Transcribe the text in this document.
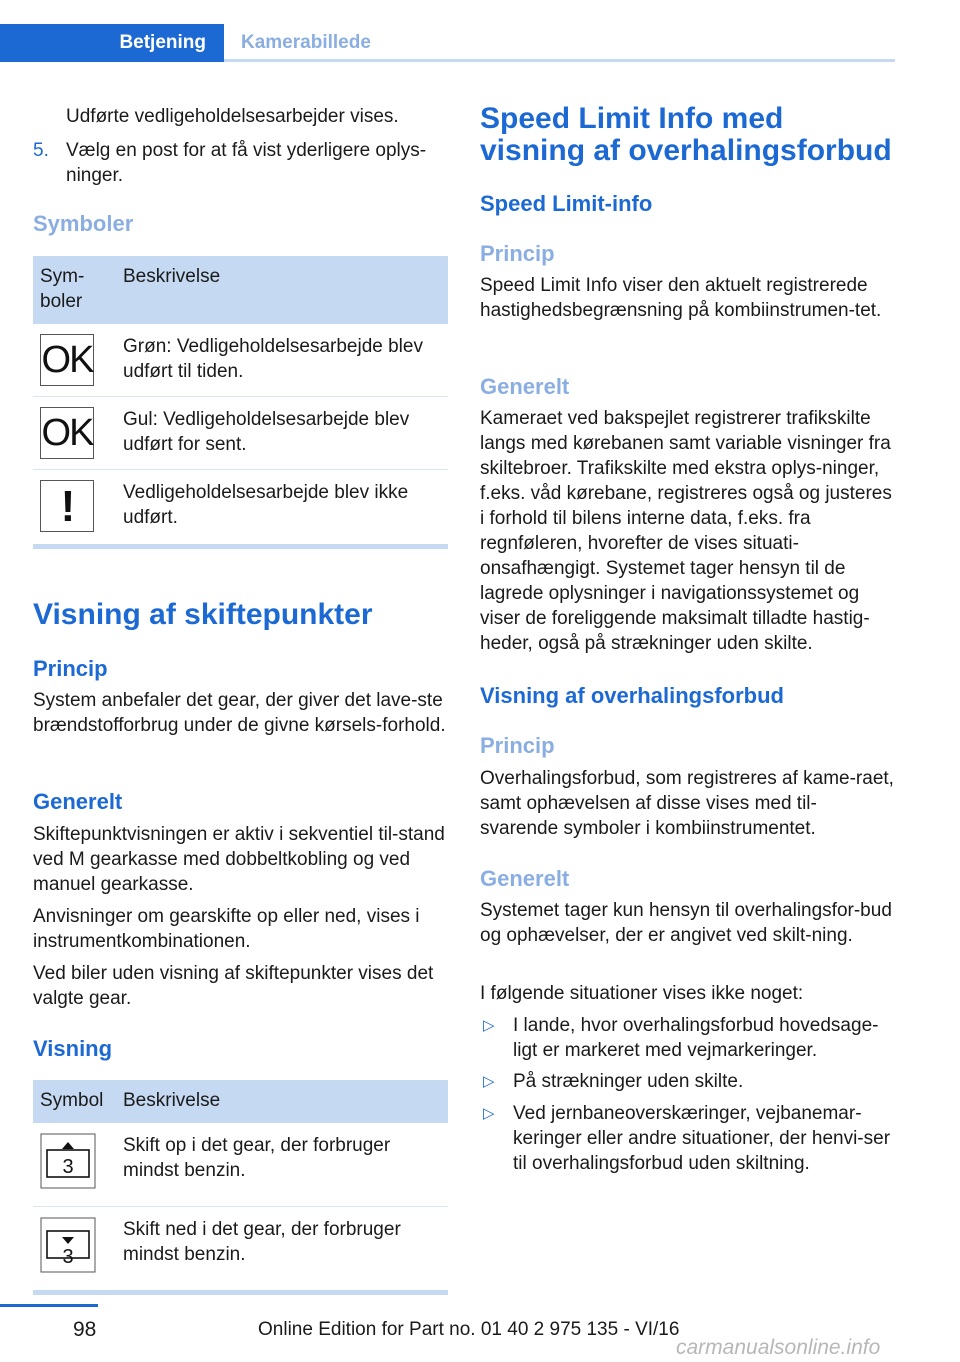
Betjening Kamerabillede

Udførte vedligeholdelsesarbejder vises.

5. Vælg en post for at få vist yderligere oplys‐ninger.

Symboler

Sym‐boler	Beskrivelse

OK	Grøn: Vedligeholdelsesarbejde blev udført til tiden.

OK	Gul: Vedligeholdelsesarbejde blev udført for sent.

!	Vedligeholdelsesarbejde blev ikke udført.

Visning af skiftepunkter

Princip

System anbefaler det gear, der giver det lave‐ste brændstofforbrug under de givne kørsels‐forhold.

Generelt

Skiftepunktvisningen er aktiv i sekventiel til‐stand ved M gearkasse med dobbeltkobling og ved manuel gearkasse.

Anvisninger om gearskifte op eller ned, vises i instrumentkombinationen.

Ved biler uden visning af skiftepunkter vises det valgte gear.

Visning

Symbol	Beskrivelse

3	Skift op i det gear, der forbruger mindst benzin.

3	Skift ned i det gear, der forbruger mindst benzin.

Speed Limit Info med visning af overhalingsforbud

Speed Limit-info

Princip

Speed Limit Info viser den aktuelt registrerede hastighedsbegrænsning på kombiinstrumen‐tet.

Generelt

Kameraet ved bakspejlet registrerer trafikskilte langs med kørebanen samt variable visninger fra skiltebroer. Trafikskilte med ekstra oplys‐ninger, f.eks. våd kørebane, registreres også og justeres i forhold til bilens interne data, f.eks. fra regnføleren, hvorefter de vises situati‐onsafhængigt. Systemet tager hensyn til de lagrede oplysninger i navigationssystemet og viser de foreliggende maksimalt tilladte hastig‐heder, også på strækninger uden skilte.

Visning af overhalingsforbud

Princip

Overhalingsforbud, som registreres af kame‐raet, samt ophævelsen af disse vises med til‐svarende symboler i kombiinstrumentet.

Generelt

Systemet tager kun hensyn til overhalingsfor‐bud og ophævelser, der er angivet ved skilt‐ning.

I følgende situationer vises ikke noget:

▷ I lande, hvor overhalingsforbud hovedsage‐ligt er markeret med vejmarkeringer.

▷ På strækninger uden skilte.

▷ Ved jernbaneoverskæringer, vejbanemar‐keringer eller andre situationer, der henvi‐ser til overhalingsforbud uden skiltning.

98	Online Edition for Part no. 01 40 2 975 135 - VI/16
carmanualsonline.info
